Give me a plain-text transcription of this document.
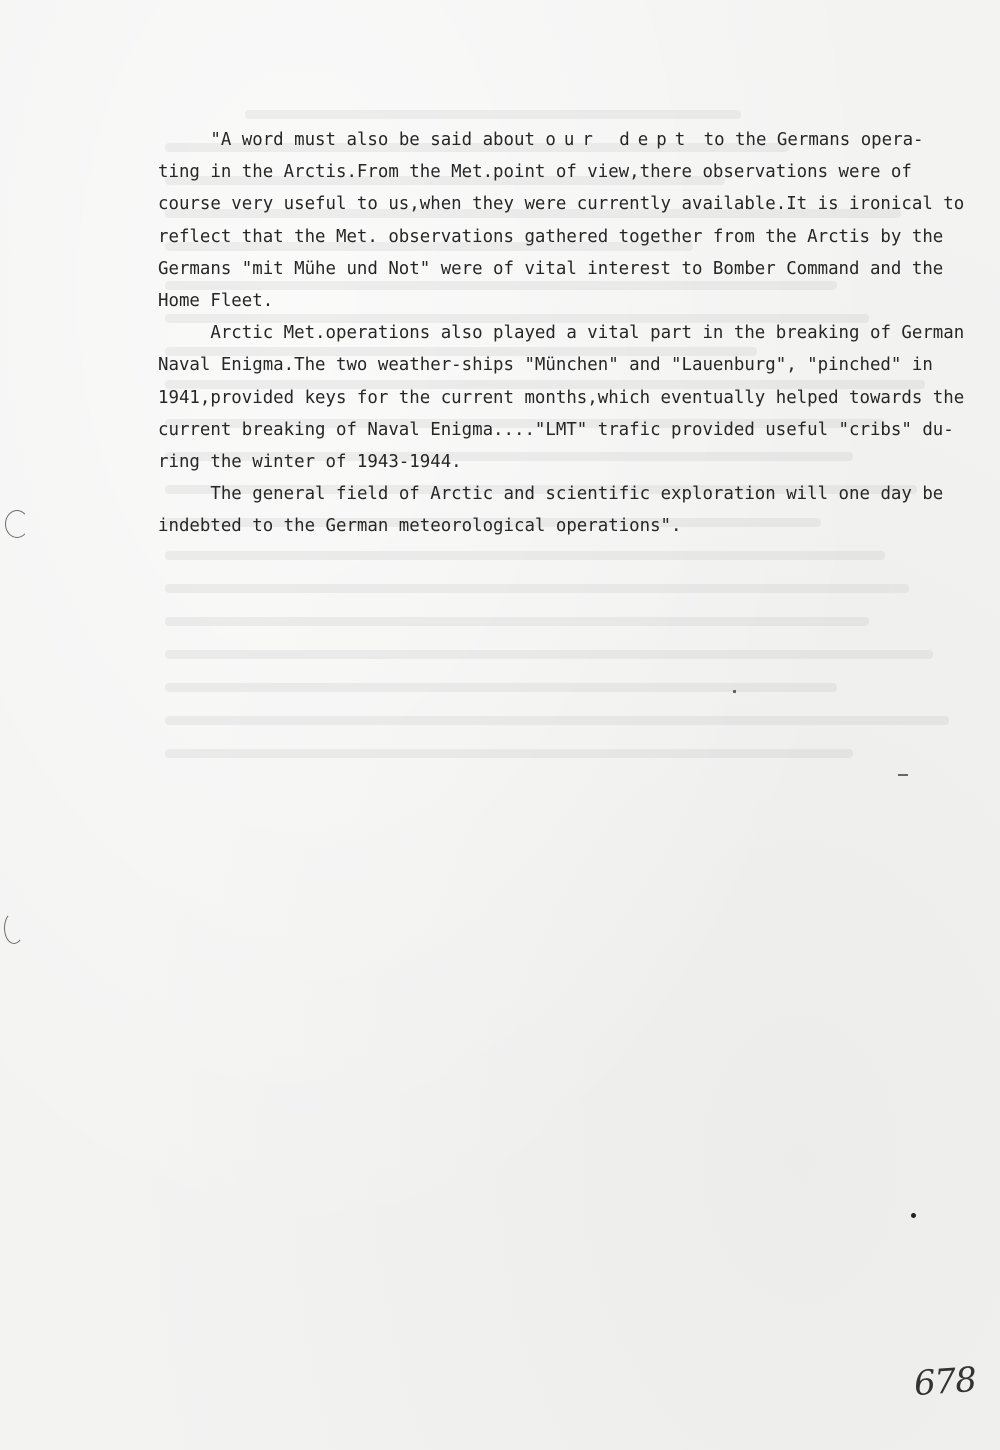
"A word must also be said about our dept to the Germans opera-
ting in the Arctis.From the Met.point of view,there observations were of
course very useful to us,when they were currently available.It is ironical to
reflect that the Met. observations gathered together from the Arctis by the
Germans "mit Mühe und Not" were of vital interest to Bomber Command and the
Home Fleet.

Arctic Met.operations also played a vital part in the breaking of German
Naval Enigma.The two weather-ships "München" and "Lauenburg", "pinched" in
1941,provided keys for the current months,which eventually helped towards the
current breaking of Naval Enigma...."LMT" trafic provided useful "cribs" du-
ring the winter of 1943-1944.

The general field of Arctic and scientific exploration will one day be
indebted to the German meteorological operations".

678
